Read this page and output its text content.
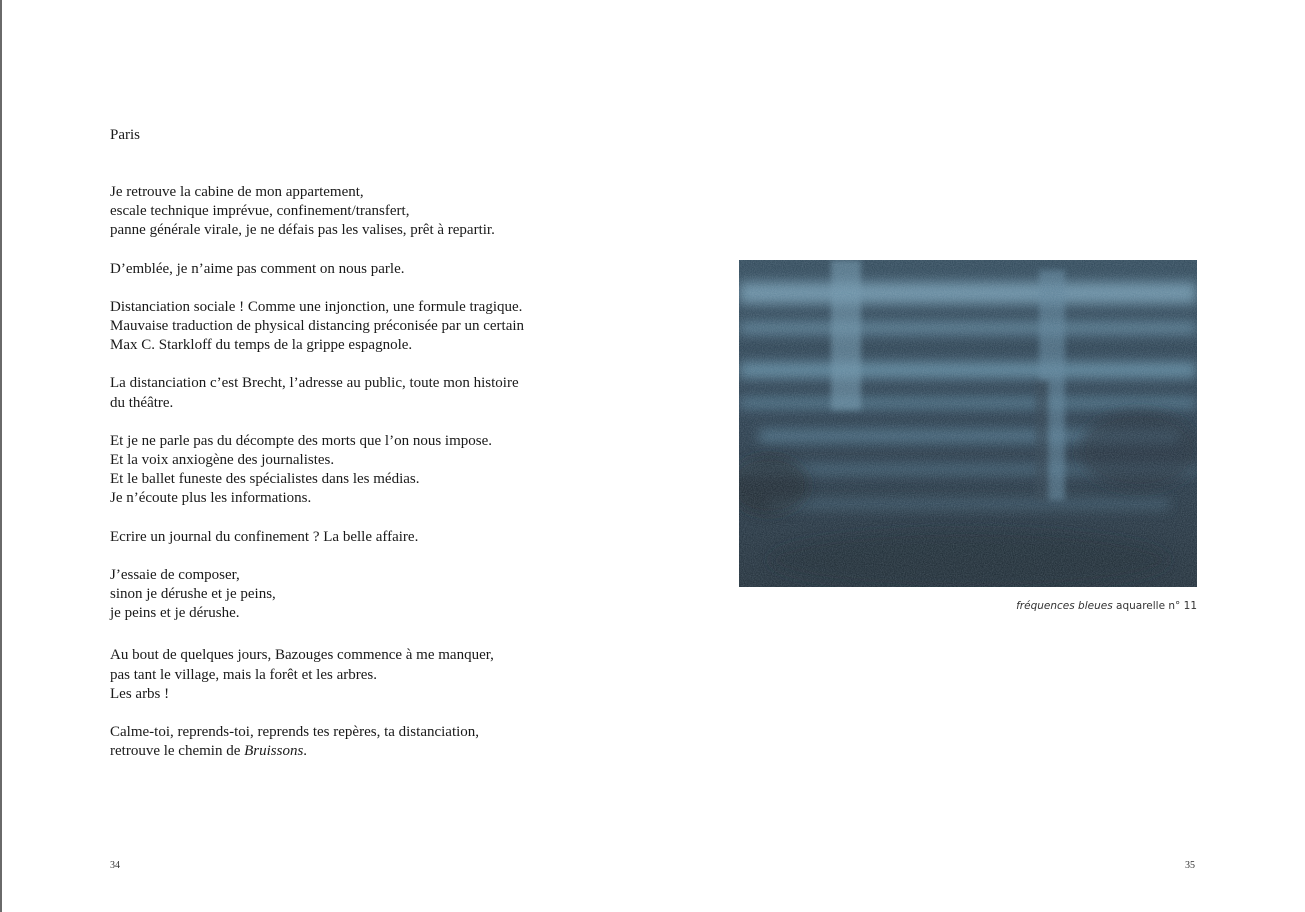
Paris
Je retrouve la cabine de mon appartement,
escale technique imprévue, confinement/transfert,
panne générale virale, je ne défais pas les valises, prêt à repartir.
D’emblée, je n’aime pas comment on nous parle.
Distanciation sociale ! Comme une injonction, une formule tragique.
Mauvaise traduction de physical distancing préconisée par un certain
Max C. Starkloff du temps de la grippe espagnole.
La distanciation c’est Brecht, l’adresse au public, toute mon histoire
du théâtre.
Et je ne parle pas du décompte des morts que l’on nous impose.
Et la voix anxiogène des journalistes.
Et le ballet funeste des spécialistes dans les médias.
Je n’écoute plus les informations.
Ecrire un journal du confinement ? La belle affaire.
J’essaie de composer,
sinon je dérushe et je peins,
je peins et je dérushe.
Au bout de quelques jours, Bazouges commence à me manquer,
pas tant le village, mais la forêt et les arbres.
Les arbs !
Calme-toi, reprends-toi, reprends tes repères, ta distanciation,
retrouve le chemin de Bruissons.
fréquences bleues aquarelle n° 11
34	35
